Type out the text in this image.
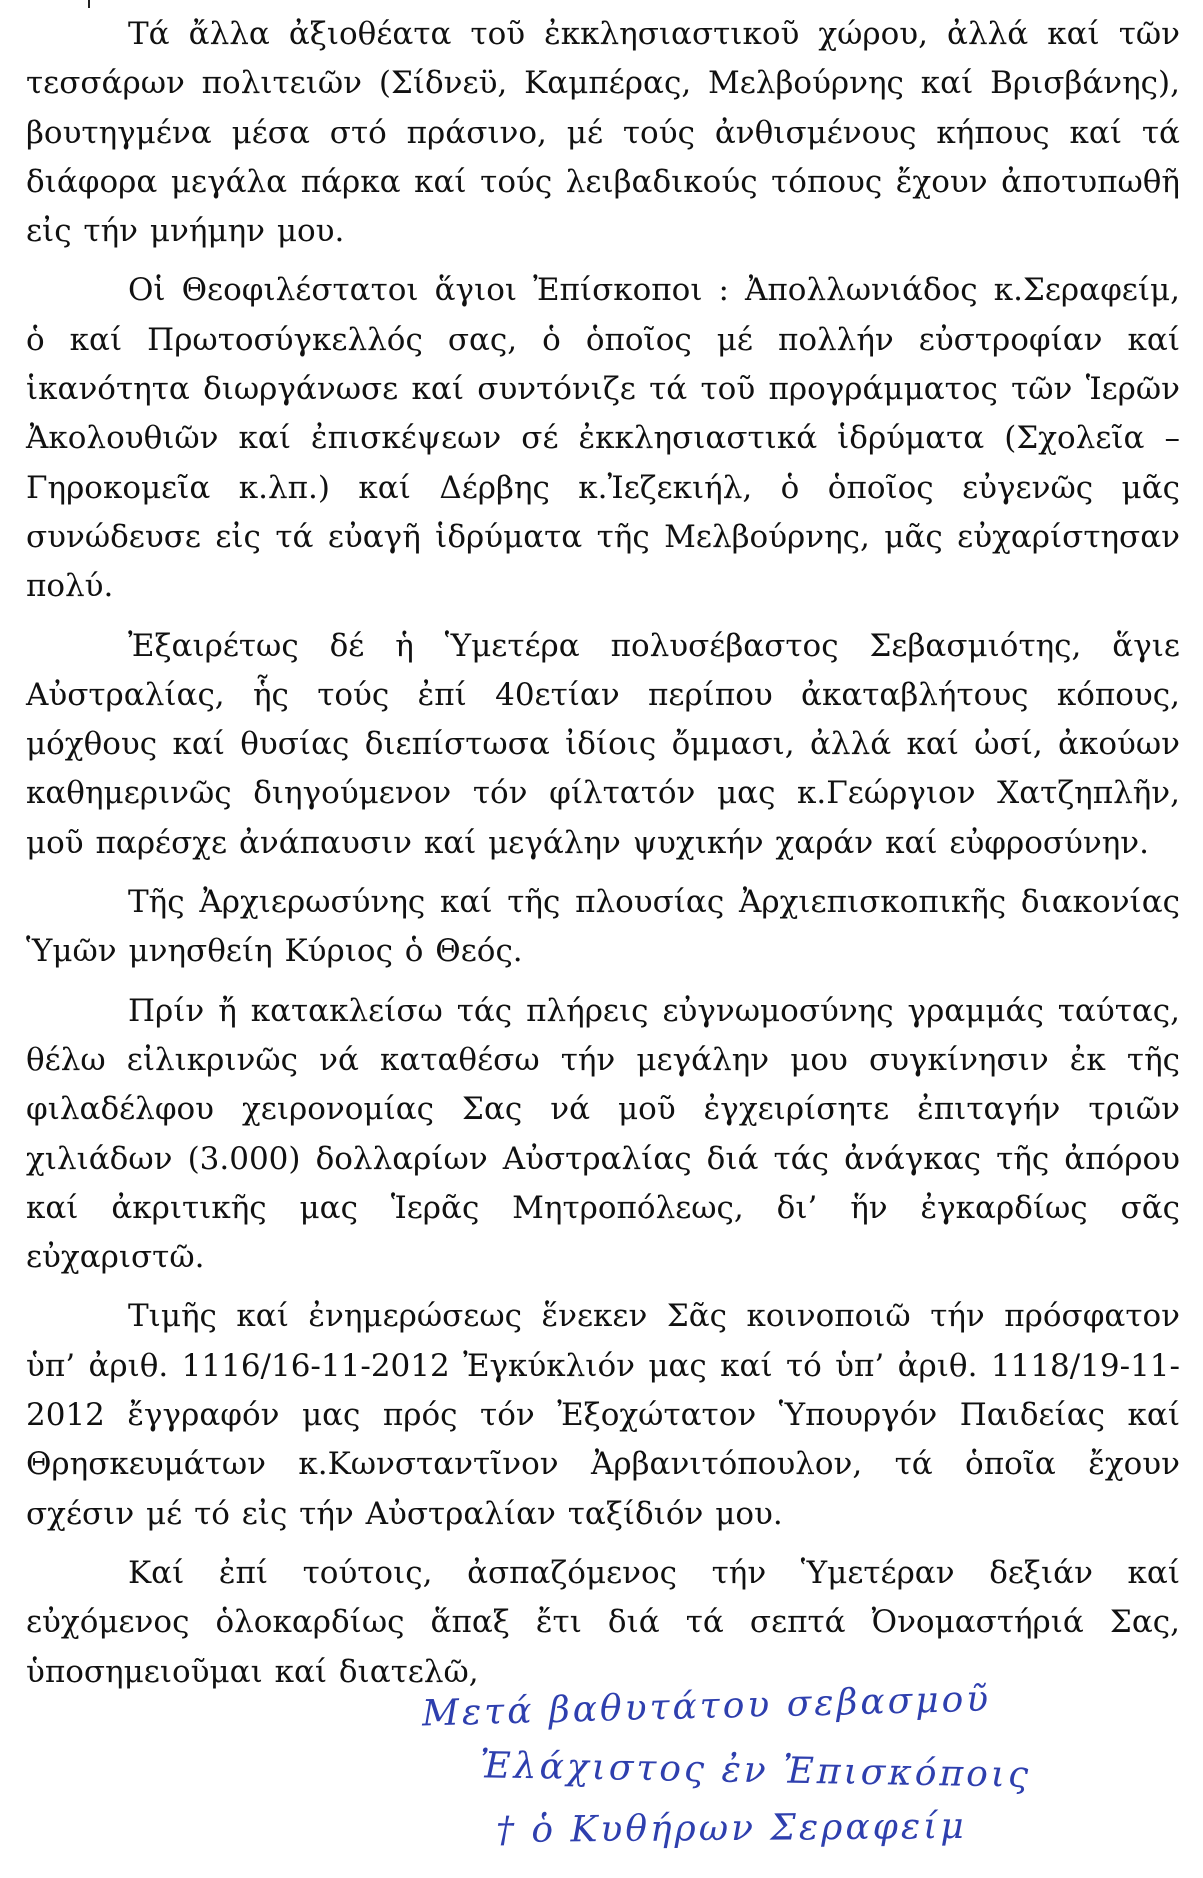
Τά ἄλλα ἀξιοθέατα τοῦ ἐκκλησιαστικοῦ χώρου, ἀλλά καί τῶν τεσσάρων πολιτειῶν (Σίδνεϋ, Καμπέρας, Μελβούρνης καί Βρισβάνης), βουτηγμένα μέσα στό πράσινο, μέ τούς ἀνθισμένους κήπους καί τά διάφορα μεγάλα πάρκα καί τούς λειβαδικούς τόπους ἔχουν ἀποτυπωθῆ εἰς τήν μνήμην μου.

Οἱ Θεοφιλέστατοι ἅγιοι Ἐπίσκοποι : Ἀπολλωνιάδος κ.Σεραφείμ, ὁ καί Πρωτοσύγκελλός σας, ὁ ὁποῖος μέ πολλήν εὐστροφίαν καί ἱκανότητα διωργάνωσε καί συντόνιζε τά τοῦ προγράμματος τῶν Ἱερῶν Ἀκολουθιῶν καί ἐπισκέψεων σέ ἐκκλησιαστικά ἱδρύματα (Σχολεῖα – Γηροκομεῖα κ.λπ.) καί Δέρβης κ.Ἰεζεκιήλ, ὁ ὁποῖος εὐγενῶς μᾶς συνώδευσε εἰς τά εὐαγῆ ἱδρύματα τῆς Μελβούρνης, μᾶς εὐχαρίστησαν πολύ.

Ἐξαιρέτως δέ ἡ Ὑμετέρα πολυσέβαστος Σεβασμιότης, ἅγιε Αὐστραλίας, ἧς τούς ἐπί 40ετίαν περίπου ἀκαταβλήτους κόπους, μόχθους καί θυσίας διεπίστωσα ἰδίοις ὄμμασι, ἀλλά καί ὠσί, ἀκούων καθημερινῶς διηγούμενον τόν φίλτατόν μας κ.Γεώργιον Χατζηπλῆν, μοῦ παρέσχε ἀνάπαυσιν καί μεγάλην ψυχικήν χαράν καί εὐφροσύνην.

Τῆς Ἀρχιερωσύνης καί τῆς πλουσίας Ἀρχιεπισκοπικῆς διακονίας Ὑμῶν μνησθείη Κύριος ὁ Θεός.

Πρίν ἤ κατακλείσω τάς πλήρεις εὐγνωμοσύνης γραμμάς ταύτας, θέλω εἰλικρινῶς νά καταθέσω τήν μεγάλην μου συγκίνησιν ἐκ τῆς φιλαδέλφου χειρονομίας Σας νά μοῦ ἐγχειρίσητε ἐπιταγήν τριῶν χιλιάδων (3.000) δολλαρίων Αὐστραλίας διά τάς ἀνάγκας τῆς ἀπόρου καί ἀκριτικῆς μας Ἱερᾶς Μητροπόλεως, δι’ ἥν ἐγκαρδίως σᾶς εὐχαριστῶ.

Τιμῆς καί ἐνημερώσεως ἕνεκεν Σᾶς κοινοποιῶ τήν πρόσφατον ὑπ’ ἀριθ. 1116/16-11-2012 Ἐγκύκλιόν μας καί τό ὑπ’ ἀριθ. 1118/19-11-2012 ἔγγραφόν μας πρός τόν Ἐξοχώτατον Ὑπουργόν Παιδείας καί Θρησκευμάτων κ.Κωνσταντῖνον Ἀρβανιτόπουλον, τά ὁποῖα ἔχουν σχέσιν μέ τό εἰς τήν Αὐστραλίαν ταξίδιόν μου.

Καί ἐπί τούτοις, ἀσπαζόμενος τήν Ὑμετέραν δεξιάν καί εὐχόμενος ὁλοκαρδίως ἅπαξ ἔτι διά τά σεπτά Ὀνομαστήριά Σας, ὑποσημειοῦμαι καί διατελῶ,

Μετά βαθυτάτου σεβασμοῦ
Ἐλάχιστος ἐν Ἐπισκόποις
† ὁ Κυθήρων Σεραφείμ
